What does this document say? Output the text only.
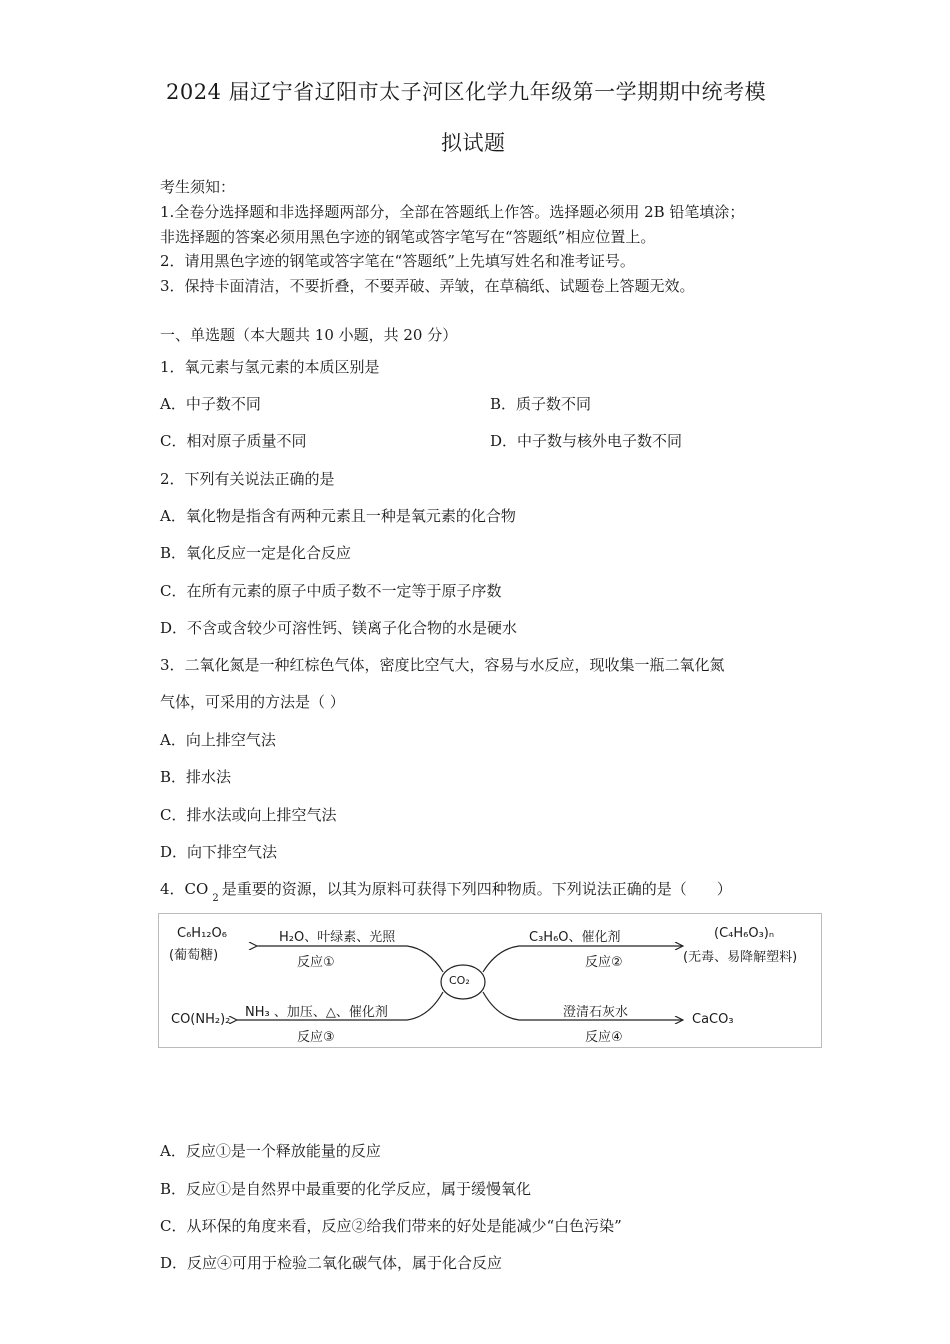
2024 届辽宁省辽阳市太子河区化学九年级第一学期期中统考模
拟试题
考生须知：
1.全卷分选择题和非选择题两部分，全部在答题纸上作答。选择题必须用 2B 铅笔填涂；
非选择题的答案必须用黑色字迹的钢笔或答字笔写在“答题纸”相应位置上。
2．请用黑色字迹的钢笔或答字笔在“答题纸”上先填写姓名和准考证号。
3．保持卡面清洁，不要折叠，不要弄破、弄皱，在草稿纸、试题卷上答题无效。
一、单选题（本大题共 10 小题，共 20 分）
1．氧元素与氢元素的本质区别是
A．中子数不同	B．质子数不同
C．相对原子质量不同	D．中子数与核外电子数不同
2．下列有关说法正确的是
A．氧化物是指含有两种元素且一种是氧元素的化合物
B．氧化反应一定是化合反应
C．在所有元素的原子中质子数不一定等于原子序数
D．不含或含较少可溶性钙、镁离子化合物的水是硬水
3．二氧化氮是一种红棕色气体，密度比空气大，容易与水反应，现收集一瓶二氧化氮
气体，可采用的方法是（ ）
A．向上排空气法
B．排水法
C．排水法或向上排空气法
D．向下排空气法
4．$CO_2$是重要的资源，以其为原料可获得下列四种物质。下列说法正确的是（　　）
CO₂
C₆H₁₂O₆
(葡萄糖)
H₂O、叶绿素、光照
反应①
C₃H₆O、催化剂
反应②
(C₄H₆O₃)ₙ
(无毒、易降解塑料)
CO(NH₂)₂ NH₃ 、加压、△、催化剂
反应③
澄清石灰水
反应④
CaCO₃
A．反应①是一个释放能量的反应
B．反应①是自然界中最重要的化学反应，属于缓慢氧化
C．从环保的角度来看，反应②给我们带来的好处是能减少“白色污染”
D．反应④可用于检验二氧化碳气体，属于化合反应
